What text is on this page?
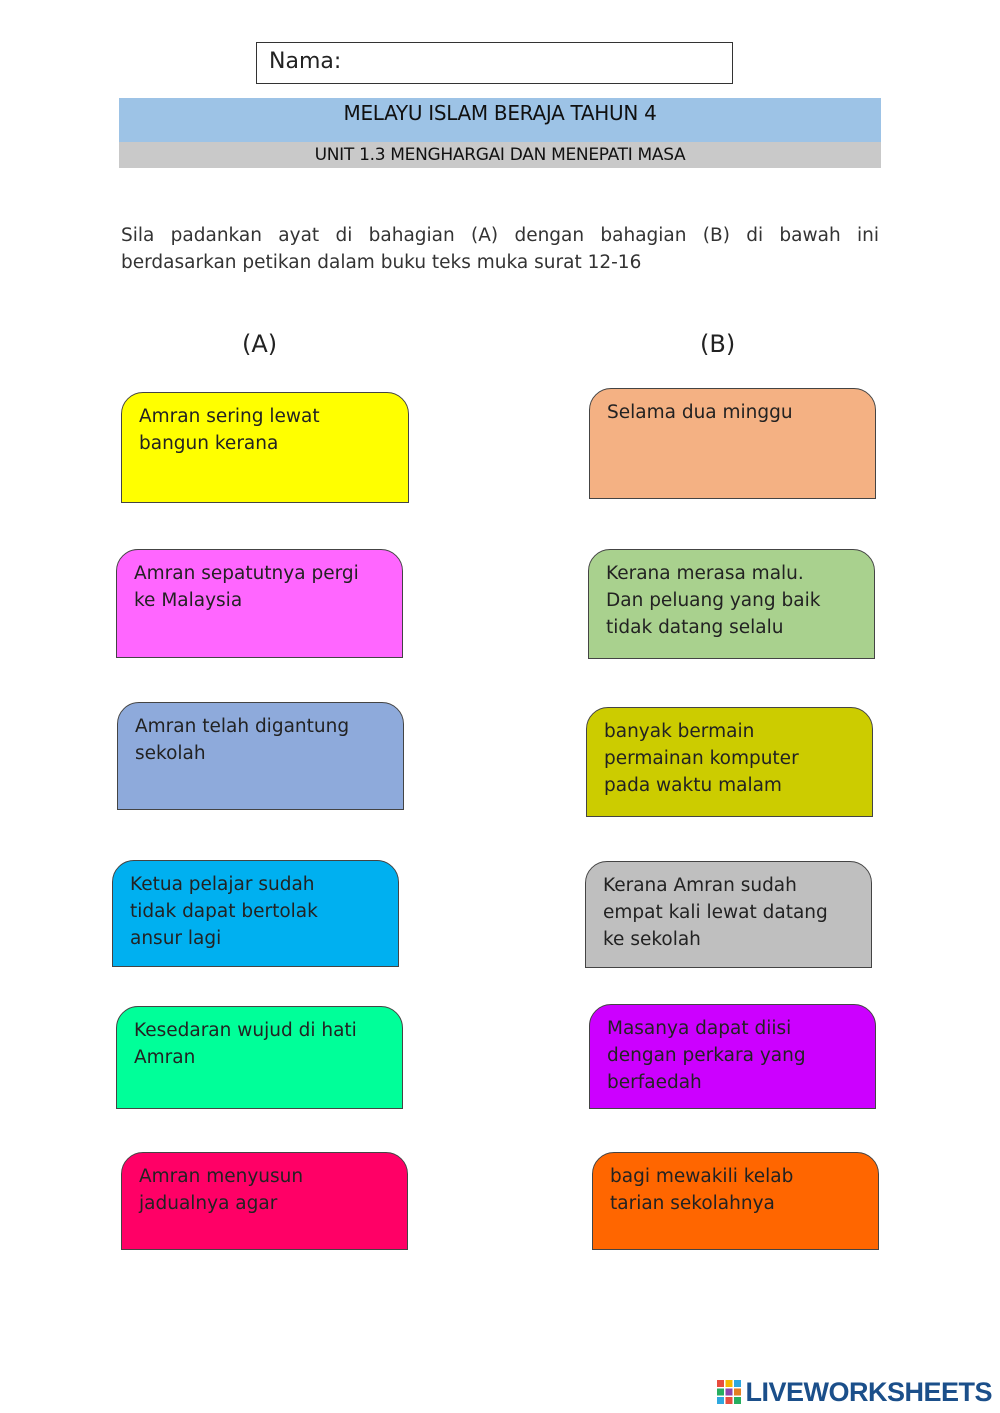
Nama:
MELAYU ISLAM BERAJA TAHUN 4
UNIT 1.3 MENGHARGAI DAN MENEPATI MASA
Sila padankan ayat di bahagian (A) dengan bahagian (B) di bawah ini berdasarkan petikan dalam buku teks muka surat 12-16
(A)	(B)
Amran sering lewat
bangun kerana
Amran sepatutnya pergi
ke Malaysia
Amran telah digantung
sekolah
Ketua pelajar sudah
tidak dapat bertolak
ansur lagi
Kesedaran wujud di hati
Amran
Amran menyusun
jadualnya agar
Selama dua minggu
Kerana merasa malu.
Dan peluang yang baik
tidak datang selalu
banyak bermain
permainan komputer
pada waktu malam
Kerana Amran sudah
empat kali lewat datang
ke sekolah
Masanya dapat diisi
dengan perkara yang
berfaedah
bagi mewakili kelab
tarian sekolahnya
LIVEWORKSHEETS
